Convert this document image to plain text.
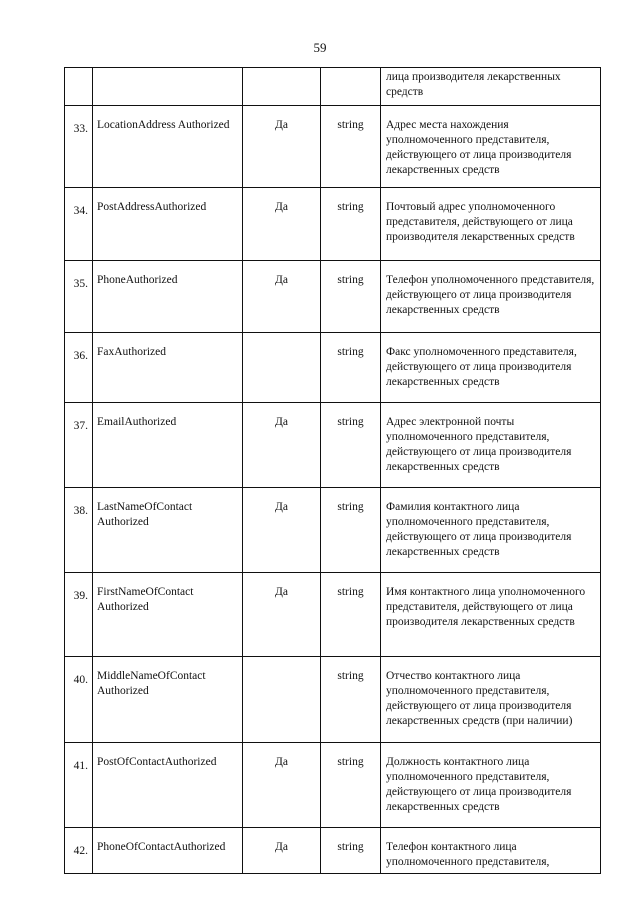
59
				лица производителя лекарственных средств
33.	LocationAddress Authorized	Да	string	Адрес места нахождения уполномоченного представителя, действующего от лица производителя лекарственных средств
34.	PostAddressAuthorized	Да	string	Почтовый адрес уполномоченного представителя, действующего от лица производителя лекарственных средств
35.	PhoneAuthorized	Да	string	Телефон уполномоченного представителя, действующего от лица производителя лекарственных средств
36.	FaxAuthorized		string	Факс уполномоченного представителя, действующего от лица производителя лекарственных средств
37.	EmailAuthorized	Да	string	Адрес электронной почты уполномоченного представителя, действующего от лица производителя лекарственных средств
38.	LastNameOfContact Authorized	Да	string	Фамилия контактного лица уполномоченного представителя, действующего от лица производителя лекарственных средств
39.	FirstNameOfContact Authorized	Да	string	Имя контактного лица уполномоченного представителя, действующего от лица производителя лекарственных средств
40.	MiddleNameOfContact Authorized		string	Отчество контактного лица уполномоченного представителя, действующего от лица производителя лекарственных средств (при наличии)
41.	PostOfContactAuthorized	Да	string	Должность контактного лица уполномоченного представителя, действующего от лица производителя лекарственных средств
42.	PhoneOfContactAuthorized	Да	string	Телефон контактного лица уполномоченного представителя,
